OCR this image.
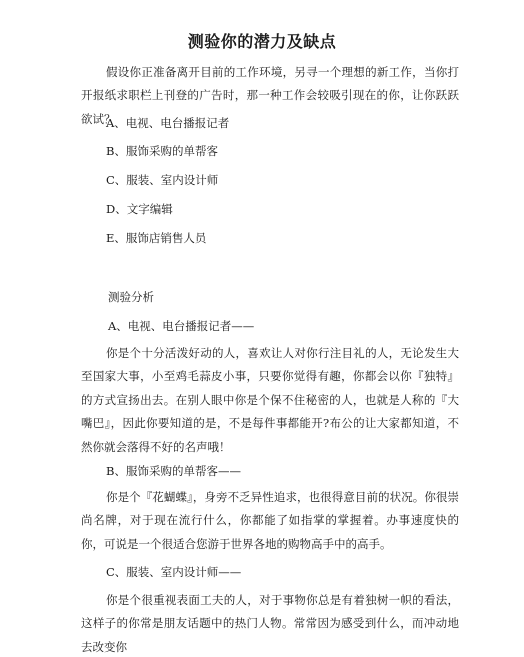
测验你的潜力及缺点

假设你正准备离开目前的工作环境，另寻一个理想的新工作，当你打开报纸求职栏上刊登的广告时，那一种工作会较吸引现在的你，让你跃跃欲试？

A、电视、电台播报记者

B、服饰采购的单帮客

C、服装、室内设计师

D、文字编辑

E、服饰店销售人员

测验分析

A、电视、电台播报记者——

你是个十分活泼好动的人，喜欢让人对你行注目礼的人，无论发生大至国家大事，小至鸡毛蒜皮小事，只要你觉得有趣，你都会以你『独特』的方式宣扬出去。在别人眼中你是个保不住秘密的人，也就是人称的『大嘴巴』，因此你要知道的是，不是每件事都能开?布公的让大家都知道，不然你就会落得不好的名声哦！

B、服饰采购的单帮客——

你是个『花蝴蝶』，身旁不乏异性追求，也很得意目前的状况。你很崇尚名牌，对于现在流行什么，你都能了如指掌的掌握着。办事速度快的你，可说是一个很适合您游于世界各地的购物高手中的高手。

C、服装、室内设计师——

你是个很重视表面工夫的人，对于事物你总是有着独树一帜的看法，这样子的你常是朋友话题中的热门人物。常常因为感受到什么，而冲动地去改变你
